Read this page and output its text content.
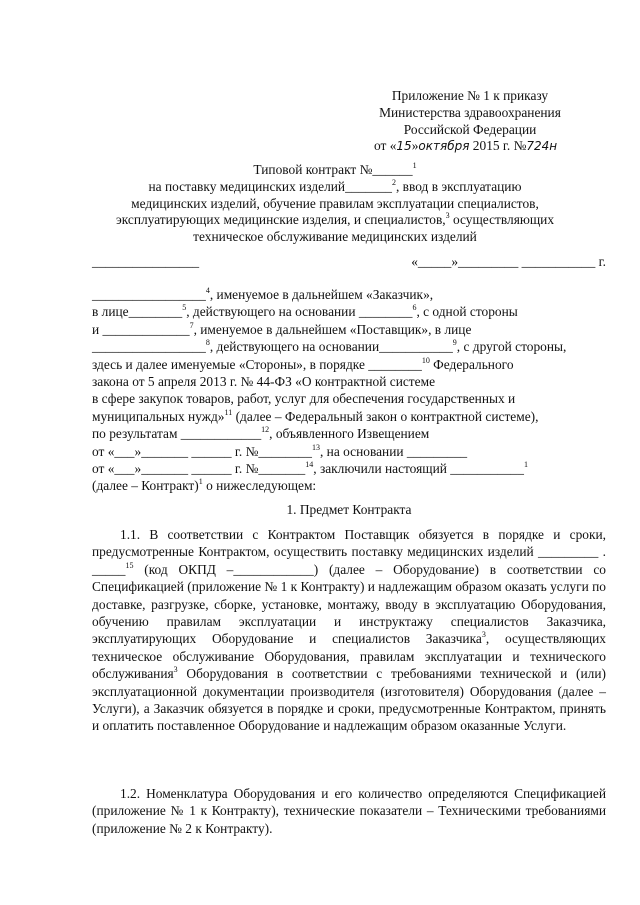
Приложение № 1 к приказу
Министерства здравоохранения
Российской Федерации
от «15»октября 2015 г. №724н
Типовой контракт №______$^1$
на поставку медицинских изделий_______$^2$, ввод в эксплуатацию
медицинских изделий, обучение правилам эксплуатации специалистов,
эксплуатирующих медицинские изделия, и специалистов,$^3$ осуществляющих
техническое обслуживание медицинских изделий
________________	«_____»_________ ___________ г.

_________________$^4$, именуемое в дальнейшем «Заказчик»,

в лице________$^5$, действующего на основании ________$^6$, с одной стороны

и _____________$^7$, именуемое в дальнейшем «Поставщик», в лице

_________________$^8$, действующего на основании___________$^9$, с другой стороны,

здесь и далее именуемые «Стороны», в порядке ________$^{10}$ Федерального

закона от 5 апреля 2013 г. № 44-ФЗ «О контрактной системе

в сфере закупок товаров, работ, услуг для обеспечения государственных и

муниципальных нужд»$^{11}$ (далее – Федеральный закон о контрактной системе),

по результатам ____________$^{12}$, объявленного Извещением

от «___»_______ ______ г. №________$^{13}$, на основании _________

от «___»_______ ______ г. №_______$^{14}$, заключили настоящий ___________$^1$

(далее – Контракт)$^1$ о нижеследующем:

1. Предмет Контракта

1.1. В соответствии с Контрактом Поставщик обязуется в порядке и сроки, предусмотренные Контрактом, осуществить поставку медицинских изделий _________ . _____$^{15}$ (код ОКПД –____________) (далее – Оборудование) в соответствии со Спецификацией (приложение № 1 к Контракту) и надлежащим образом оказать услуги по доставке, разгрузке, сборке, установке, монтажу, вводу в эксплуатацию Оборудования, обучению правилам эксплуатации и инструктажу специалистов Заказчика, эксплуатирующих Оборудование и специалистов Заказчика$^3$, осуществляющих техническое обслуживание Оборудования, правилам эксплуатации и технического обслуживания$^3$ Оборудования в соответствии с требованиями технической и (или) эксплуатационной документации производителя (изготовителя) Оборудования (далее – Услуги), а Заказчик обязуется в порядке и сроки, предусмотренные Контрактом, принять и оплатить поставленное Оборудование и надлежащим образом оказанные Услуги.

1.2. Номенклатура Оборудования и его количество определяются Спецификацией (приложение № 1 к Контракту), технические показатели – Техническими требованиями (приложение № 2 к Контракту).
